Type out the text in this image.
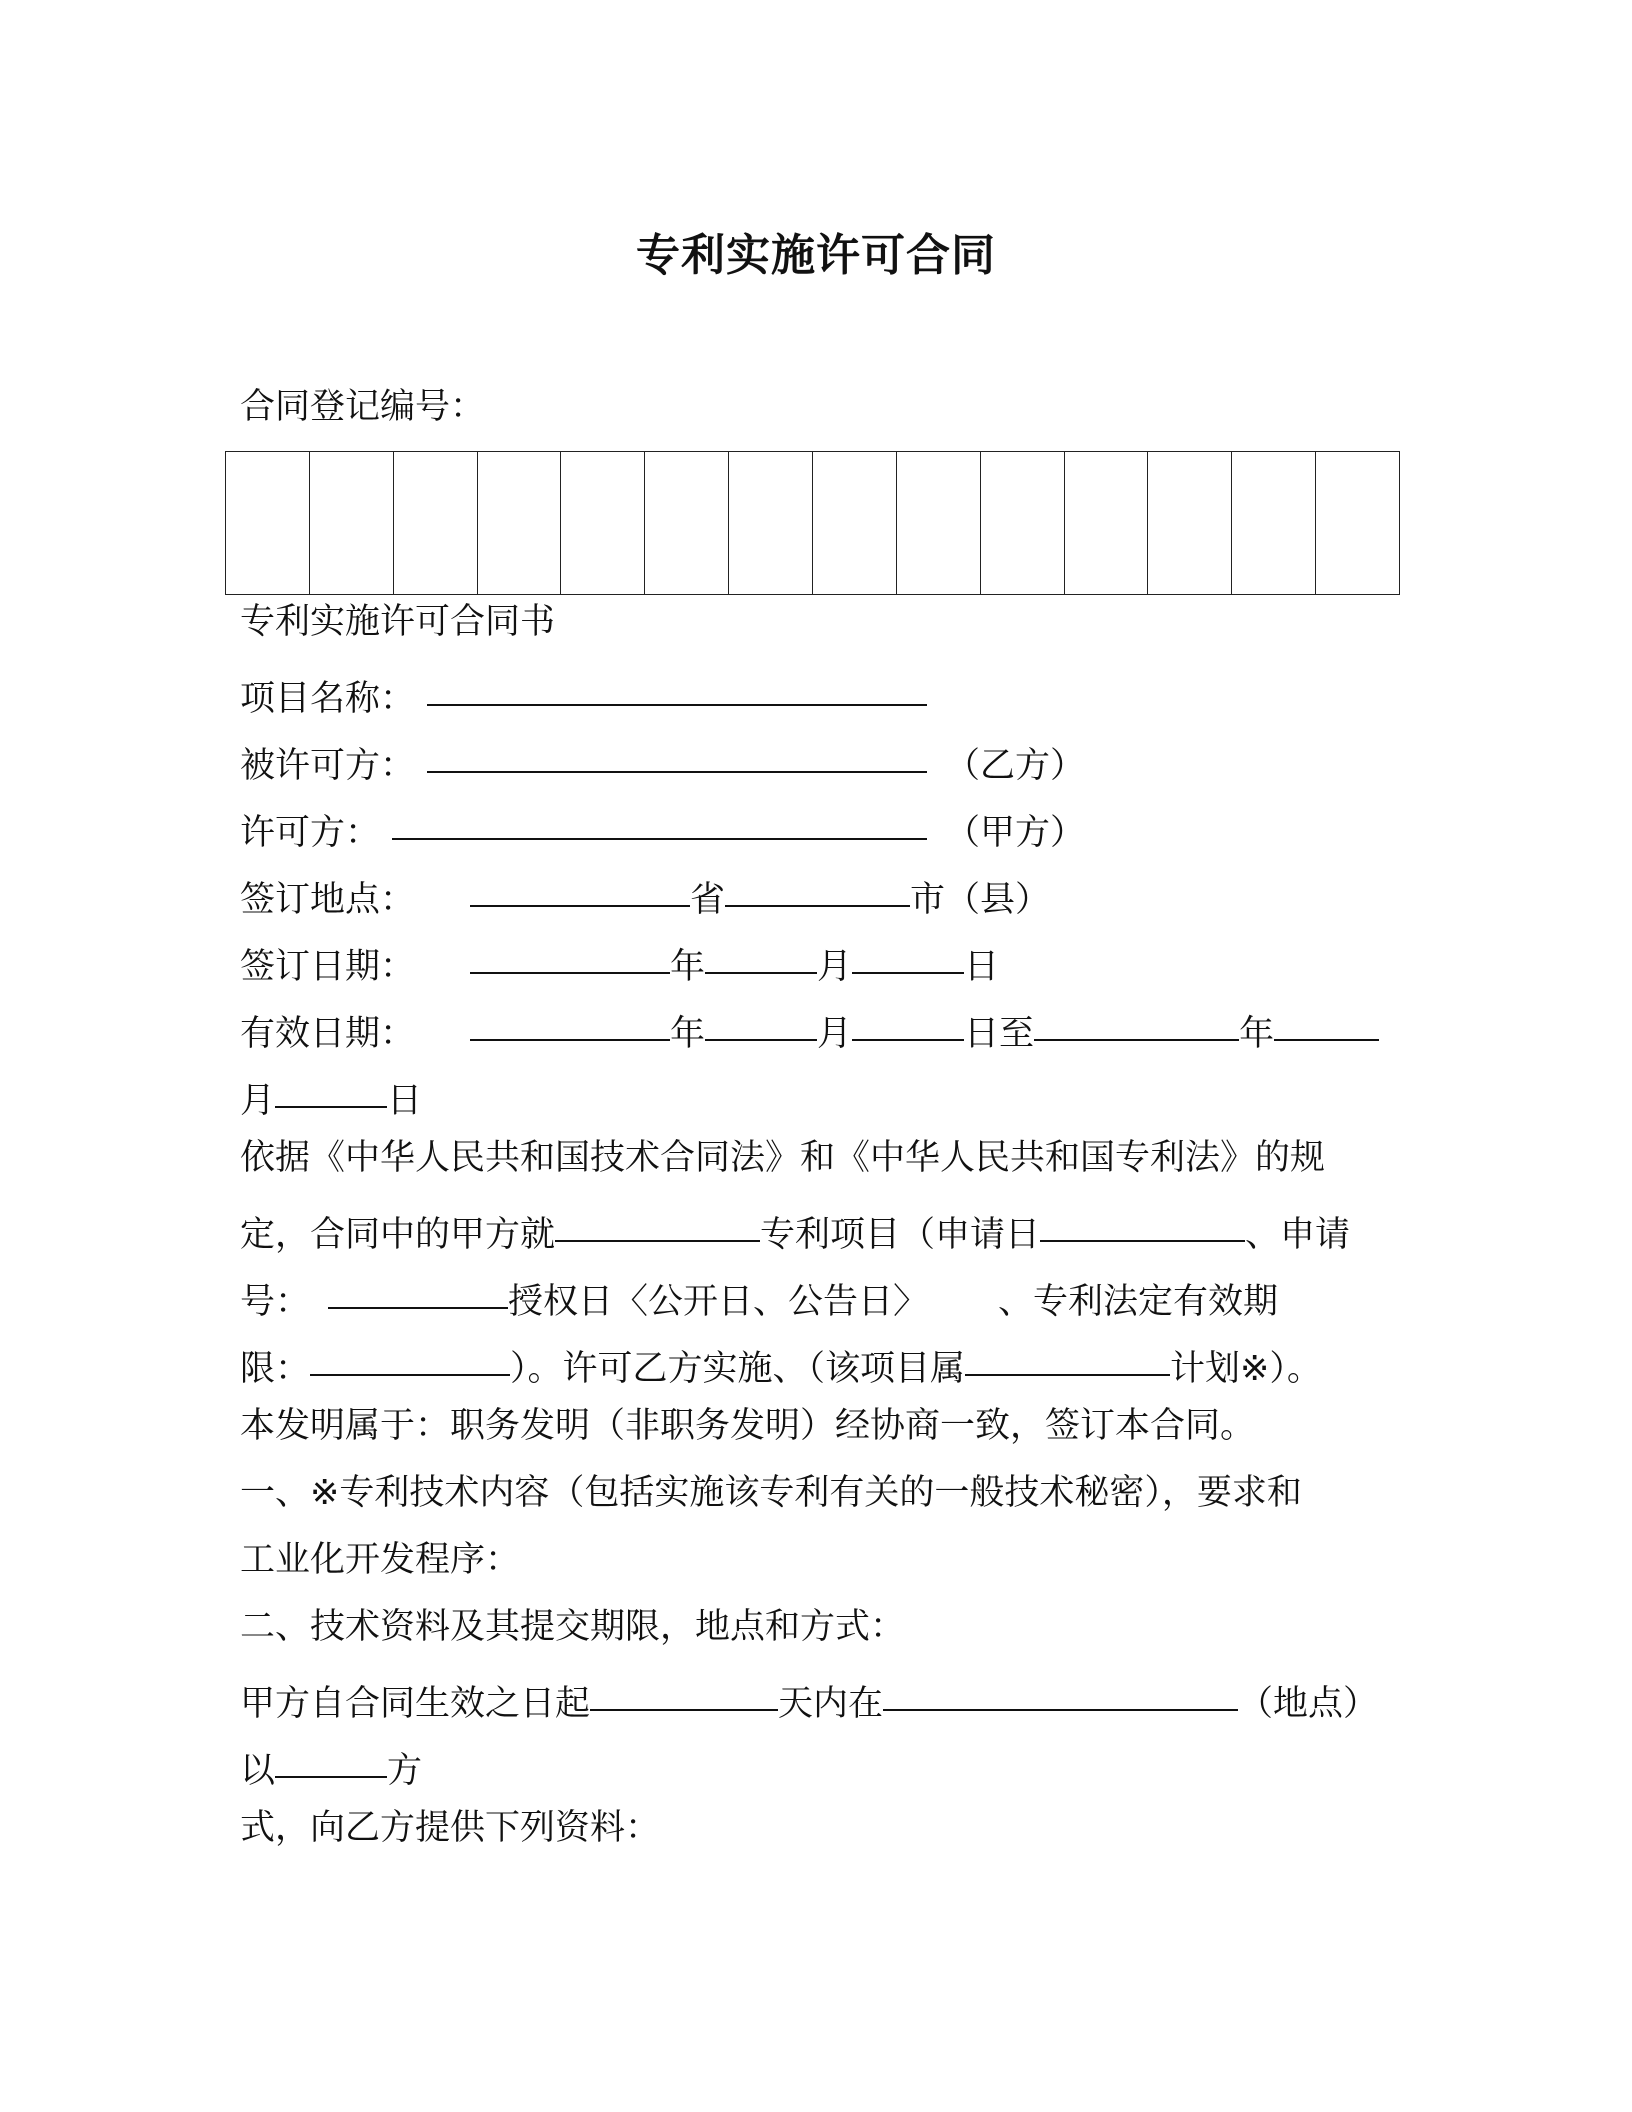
专利实施许可合同
合同登记编号：
专利实施许可合同书
项目名称：
被许可方：	（乙方）
许可方：	（甲方）
签订地点：	省	市（县）
签订日期：	年	月	日
有效日期：	年	月	日至	年
月	日
依据《中华人民共和国技术合同法》和《中华人民共和国专利法》的规
定，合同中的甲方就	专利项目（申请日	、申请
号：	授权日〈公开日、公告日〉 、专利法定有效期
限：	）。许可乙方实施、（该项目属	计划※）。
本发明属于：职务发明（非职务发明）经协商一致，签订本合同。
一、※专利技术内容（包括实施该专利有关的一般技术秘密），要求和
工业化开发程序：
二、技术资料及其提交期限，地点和方式：
甲方自合同生效之日起	天内在	（地点）
以	方
式，向乙方提供下列资料：
